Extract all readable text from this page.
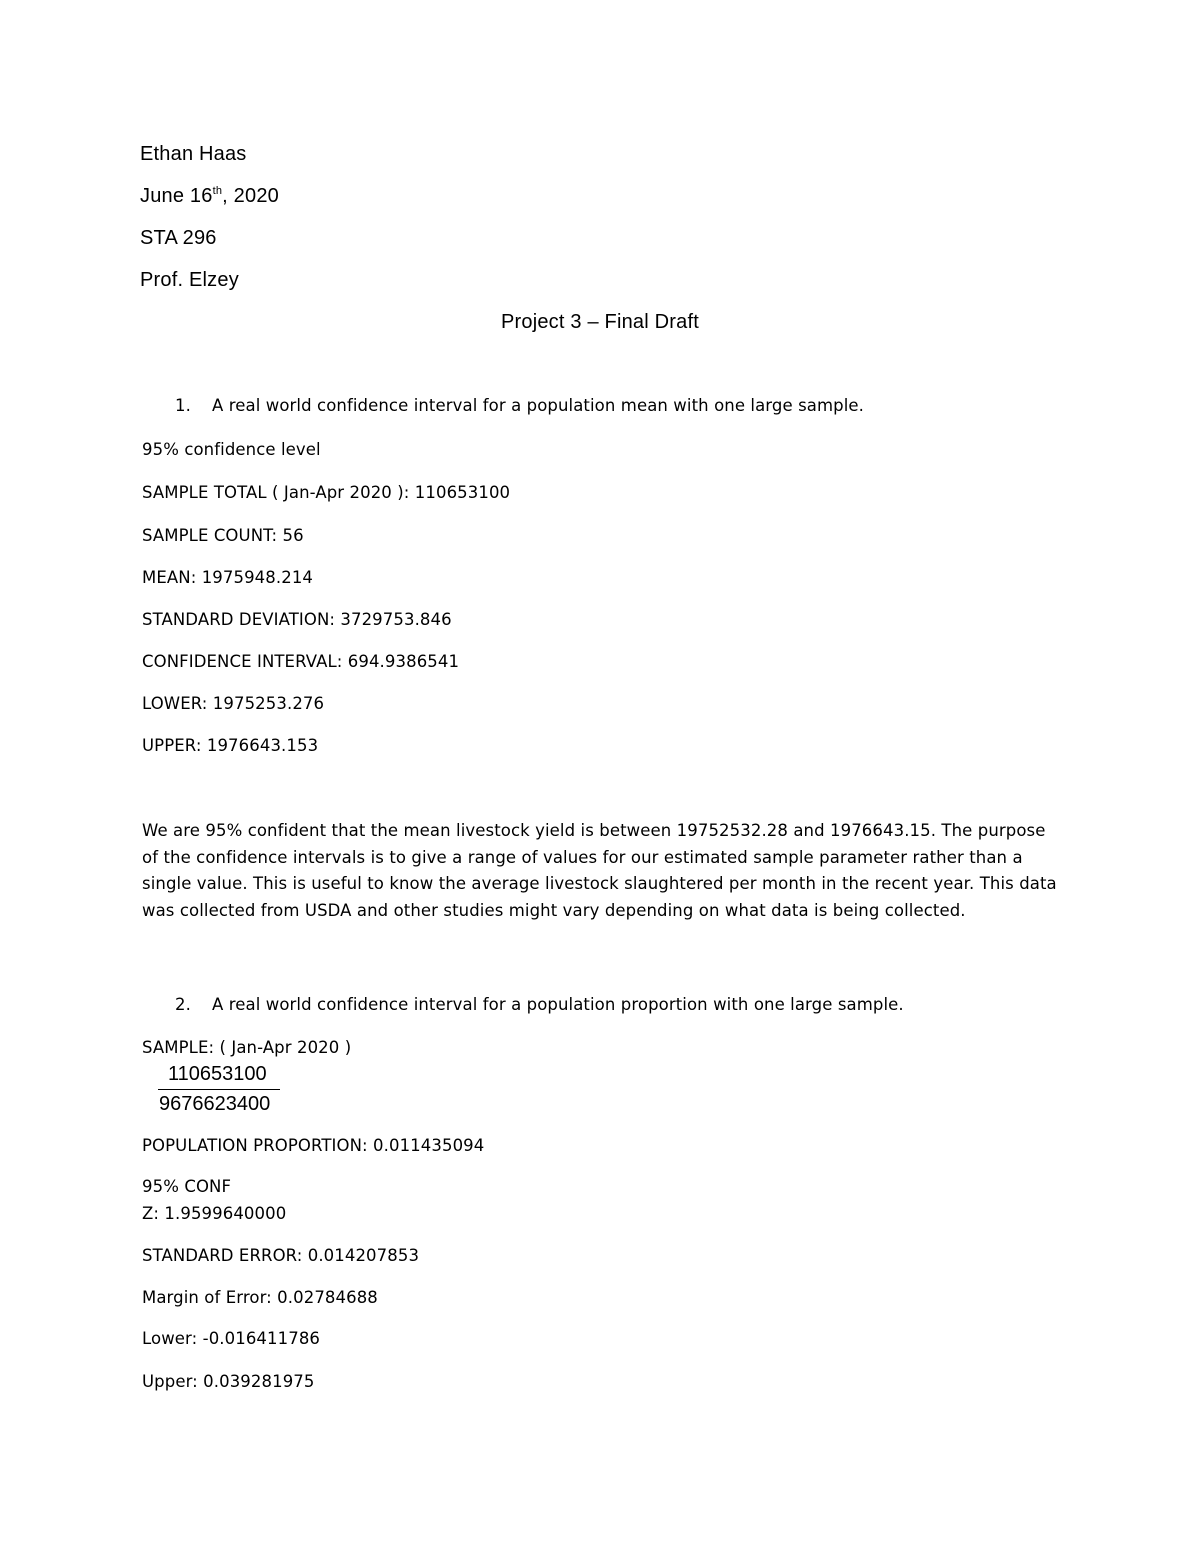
Ethan Haas
June 16th, 2020
STA 296
Prof. Elzey
Project 3 – Final Draft
1. A real world confidence interval for a population mean with one large sample.
95% confidence level
SAMPLE TOTAL ( Jan-Apr 2020 ): 110653100
SAMPLE COUNT: 56
MEAN: 1975948.214
STANDARD DEVIATION: 3729753.846
CONFIDENCE INTERVAL: 694.9386541
LOWER: 1975253.276
UPPER: 1976643.153
We are 95% confident that the mean livestock yield is between 19752532.28 and 1976643.15. The purpose of the confidence intervals is to give a range of values for our estimated sample parameter rather than a single value. This is useful to know the average livestock slaughtered per month in the recent year. This data was collected from USDA and other studies might vary depending on what data is being collected.
2. A real world confidence interval for a population proportion with one large sample.
SAMPLE: ( Jan-Apr 2020 )
110653100
9676623400
POPULATION PROPORTION: 0.011435094
95% CONF
Z: 1.9599640000
STANDARD ERROR: 0.014207853
Margin of Error: 0.02784688
Lower: -0.016411786
Upper: 0.039281975
